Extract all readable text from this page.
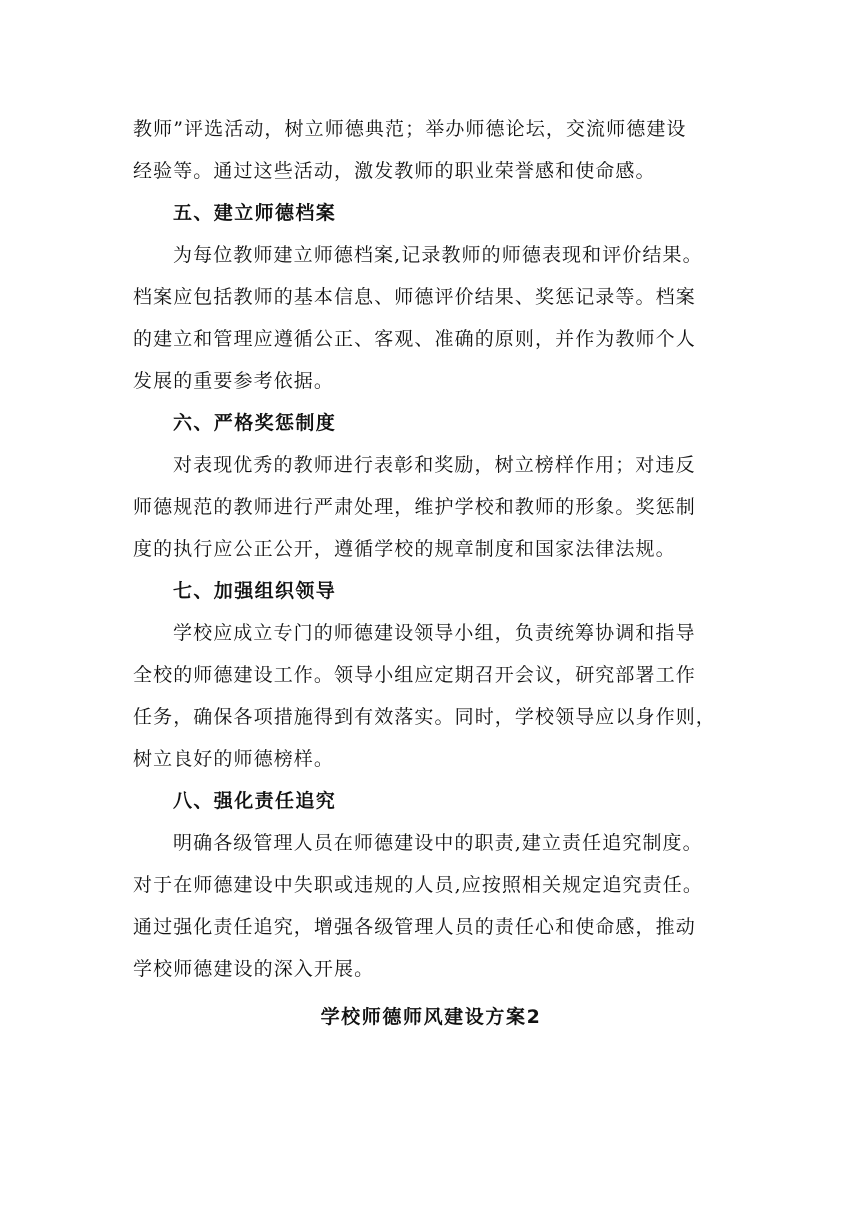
教师”评选活动，树立师德典范；举办师德论坛，交流师德建设
经验等。通过这些活动，激发教师的职业荣誉感和使命感。

五、建立师德档案

为每位教师建立师德档案,记录教师的师德表现和评价结果。
档案应包括教师的基本信息、师德评价结果、奖惩记录等。档案
的建立和管理应遵循公正、客观、准确的原则，并作为教师个人
发展的重要参考依据。

六、严格奖惩制度

对表现优秀的教师进行表彰和奖励，树立榜样作用；对违反
师德规范的教师进行严肃处理，维护学校和教师的形象。奖惩制
度的执行应公正公开，遵循学校的规章制度和国家法律法规。

七、加强组织领导

学校应成立专门的师德建设领导小组，负责统筹协调和指导
全校的师德建设工作。领导小组应定期召开会议，研究部署工作
任务，确保各项措施得到有效落实。同时，学校领导应以身作则，
树立良好的师德榜样。

八、强化责任追究

明确各级管理人员在师德建设中的职责,建立责任追究制度。
对于在师德建设中失职或违规的人员,应按照相关规定追究责任。
通过强化责任追究，增强各级管理人员的责任心和使命感，推动
学校师德建设的深入开展。

学校师德师风建设方案2
